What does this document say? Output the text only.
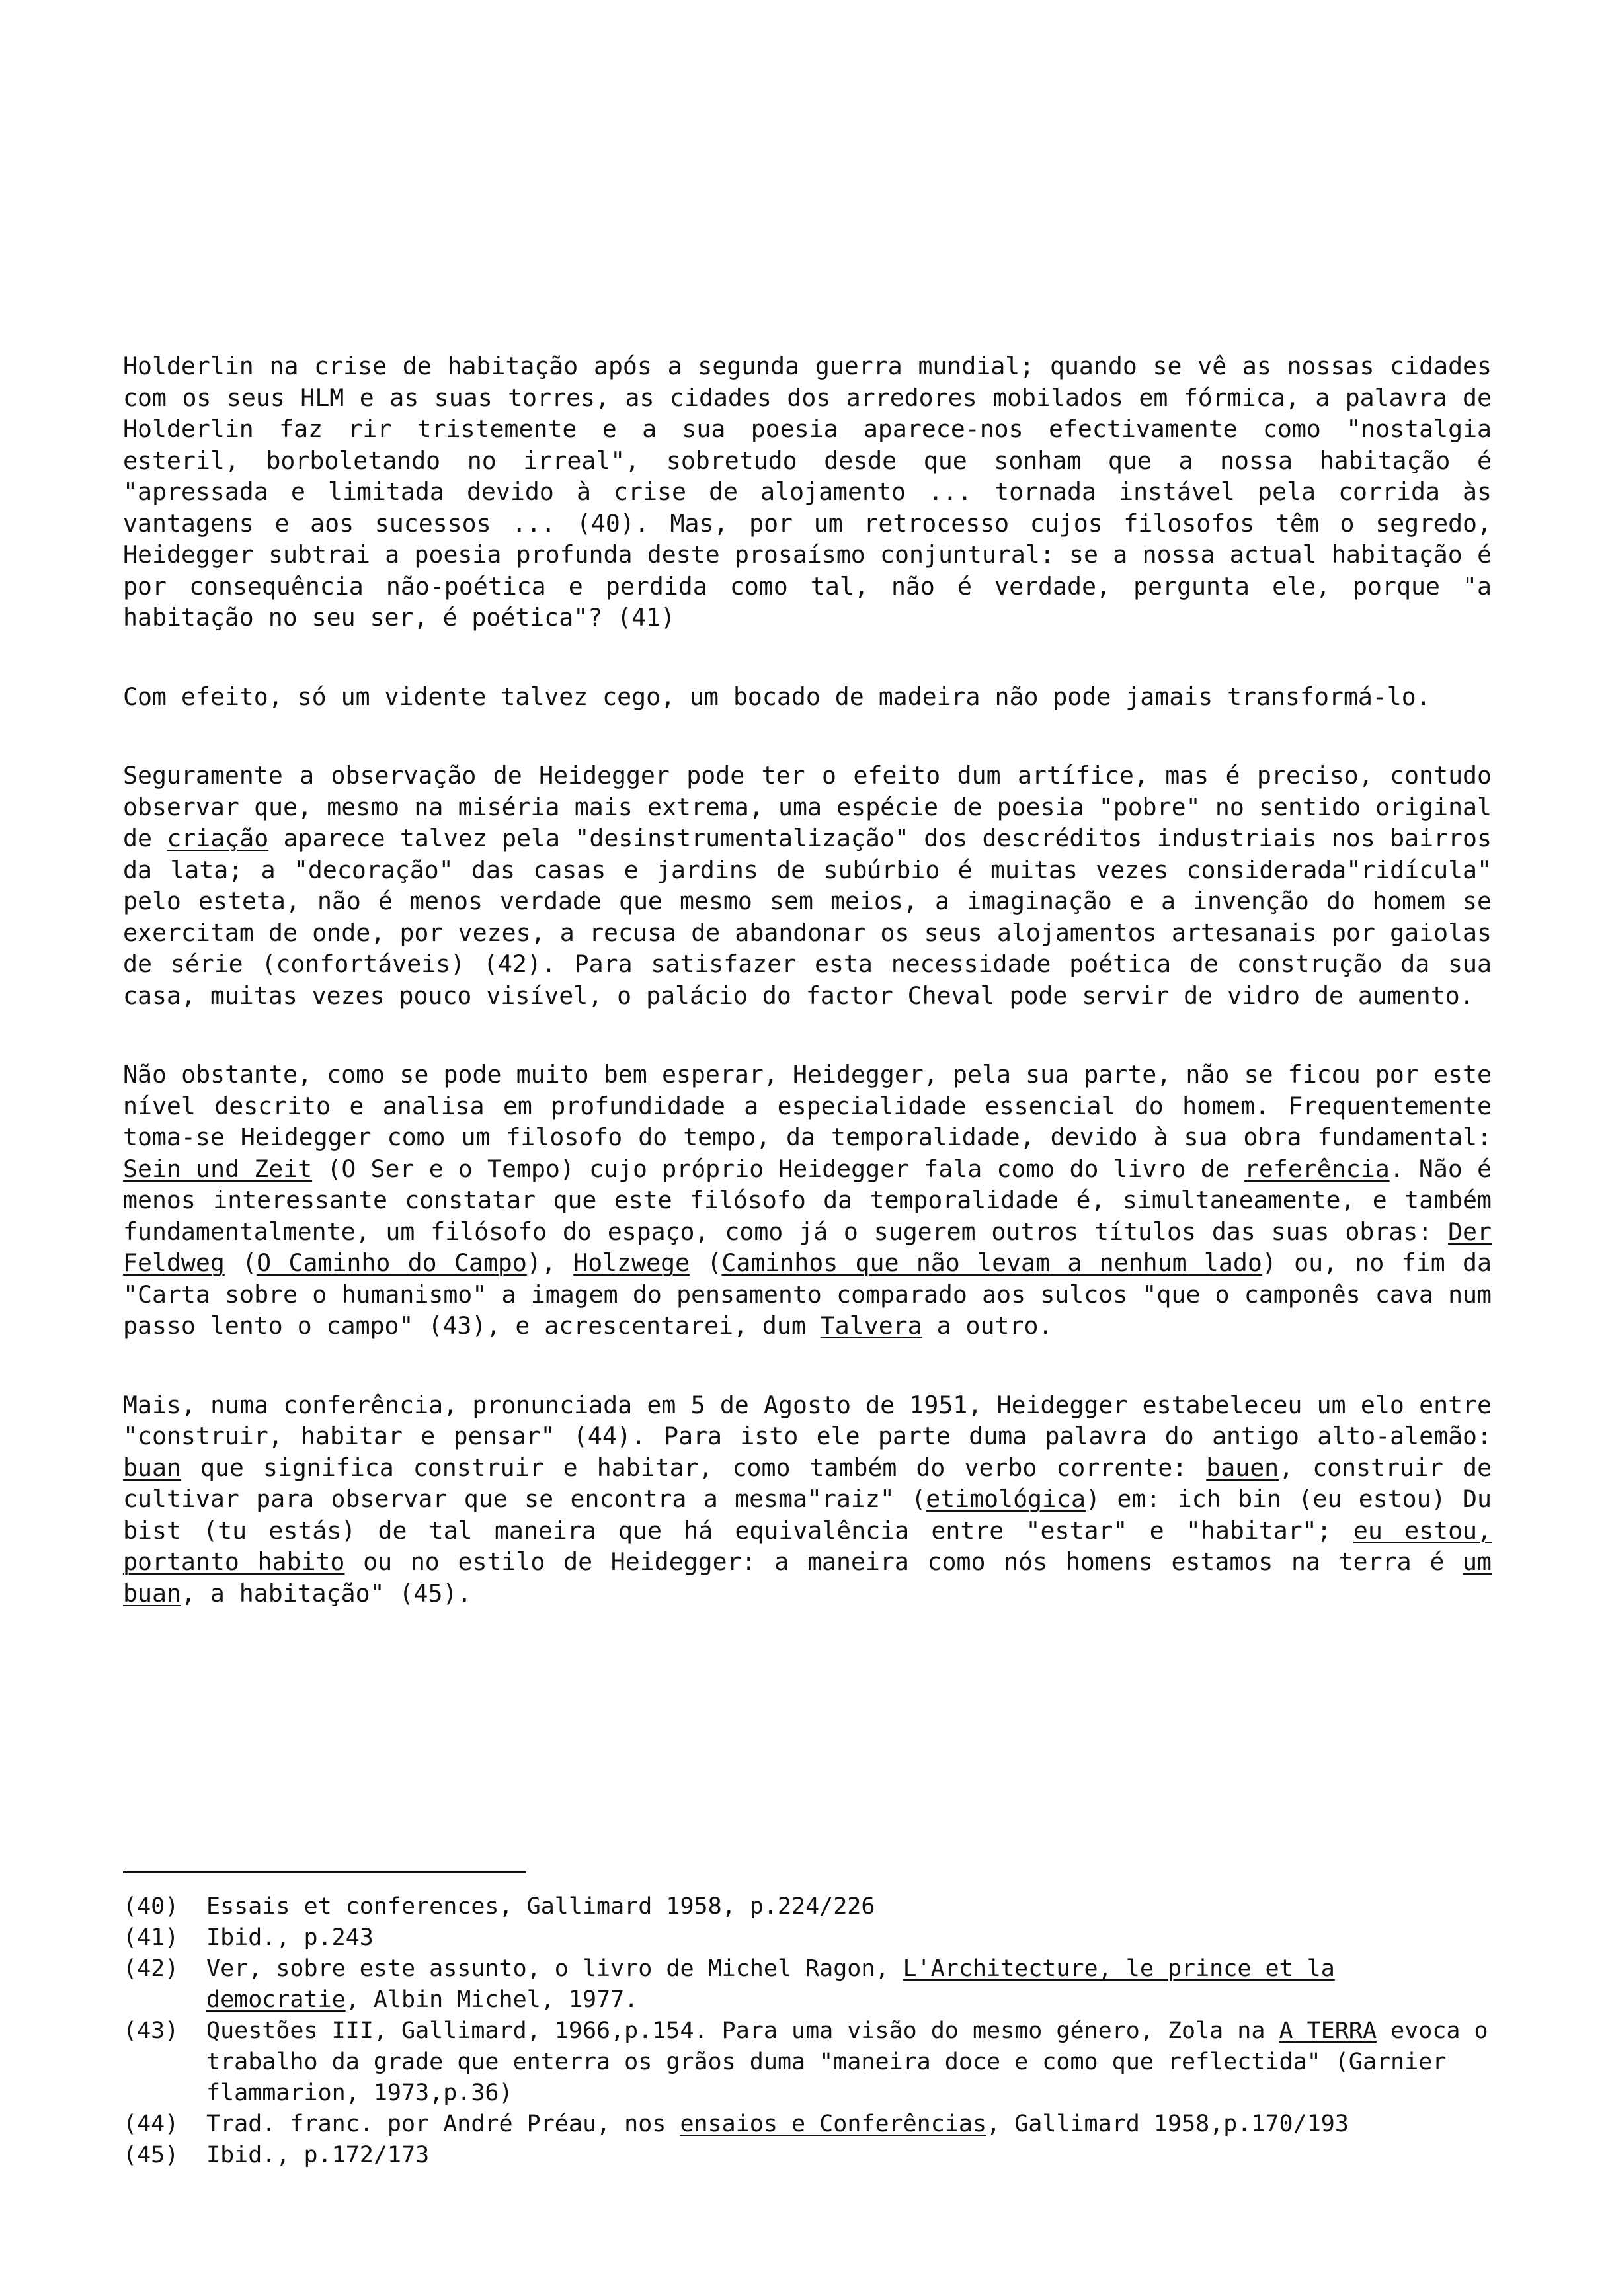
Holderlin na crise de habitação após a segunda guerra mundial; quando se vê as nossas cidades com os seus HLM e as suas torres, as cidades dos arredores mobilados em fórmica, a palavra de Holderlin faz rir tristemente e a sua poesia aparece-nos efectivamente como "nostalgia esteril, borboletando no irreal", sobretudo desde que sonham que a nossa habitação é "apressada e limitada devido à crise de alojamento ... tornada instável pela corrida às vantagens e aos sucessos ... (40). Mas, por um retrocesso cujos filosofos têm o segredo, Heidegger subtrai a poesia profunda deste prosaísmo conjuntural: se a nossa actual habitação é por consequência não-poética e perdida como tal, não é verdade, pergunta ele, porque "a habitação no seu ser, é poética"? (41)

Com efeito, só um vidente talvez cego, um bocado de madeira não pode jamais transformá-lo.

Seguramente a observação de Heidegger pode ter o efeito dum artífice, mas é preciso, contudo observar que, mesmo na miséria mais extrema, uma espécie de poesia "pobre" no sentido original de criação aparece talvez pela "desinstrumentalização" dos descréditos industriais nos bairros da lata; a "decoração" das casas e jardins de subúrbio é muitas vezes considerada"ridícula" pelo esteta, não é menos verdade que mesmo sem meios, a imaginação e a invenção do homem se exercitam de onde, por vezes, a recusa de abandonar os seus alojamentos artesanais por gaiolas de série (confortáveis) (42). Para satisfazer esta necessidade poética de construção da sua casa, muitas vezes pouco visível, o palácio do factor Cheval pode servir de vidro de aumento.

Não obstante, como se pode muito bem esperar, Heidegger, pela sua parte, não se ficou por este nível descrito e analisa em profundidade a especialidade essencial do homem. Frequentemente toma-se Heidegger como um filosofo do tempo, da temporalidade, devido à sua obra fundamental: Sein und Zeit (O Ser e o Tempo) cujo próprio Heidegger fala como do livro de referência. Não é menos interessante constatar que este filósofo da temporalidade é, simultaneamente, e também fundamentalmente, um filósofo do espaço, como já o sugerem outros títulos das suas obras: Der Feldweg (O Caminho do Campo), Holzwege (Caminhos que não levam a nenhum lado) ou, no fim da "Carta sobre o humanismo" a imagem do pensamento comparado aos sulcos "que o camponês cava num passo lento o campo" (43), e acrescentarei, dum Talvera a outro.

Mais, numa conferência, pronunciada em 5 de Agosto de 1951, Heidegger estabeleceu um elo entre "construir, habitar e pensar" (44). Para isto ele parte duma palavra do antigo alto-alemão: buan que significa construir e habitar, como também do verbo corrente: bauen, construir de cultivar para observar que se encontra a mesma"raiz" (etimológica) em: ich bin (eu estou) Du bist (tu estás) de tal maneira que há equivalência entre "estar" e "habitar"; eu estou, portanto habito ou no estilo de Heidegger: a maneira como nós homens estamos na terra é um buan, a habitação" (45).

(40)	Essais et conferences, Gallimard 1958, p.224/226

(41)	Ibid., p.243

(42)	Ver, sobre este assunto, o livro de Michel Ragon, L'Architecture, le prince et la democratie, Albin Michel, 1977.

(43)	Questões III, Gallimard, 1966,p.154. Para uma visão do mesmo género, Zola na A TERRA evoca o trabalho da grade que enterra os grãos duma "maneira doce e como que reflectida" (Garnier flammarion, 1973,p.36)

(44)	Trad. franc. por André Préau, nos ensaios e Conferências, Gallimard 1958,p.170/193

(45)	Ibid., p.172/173
